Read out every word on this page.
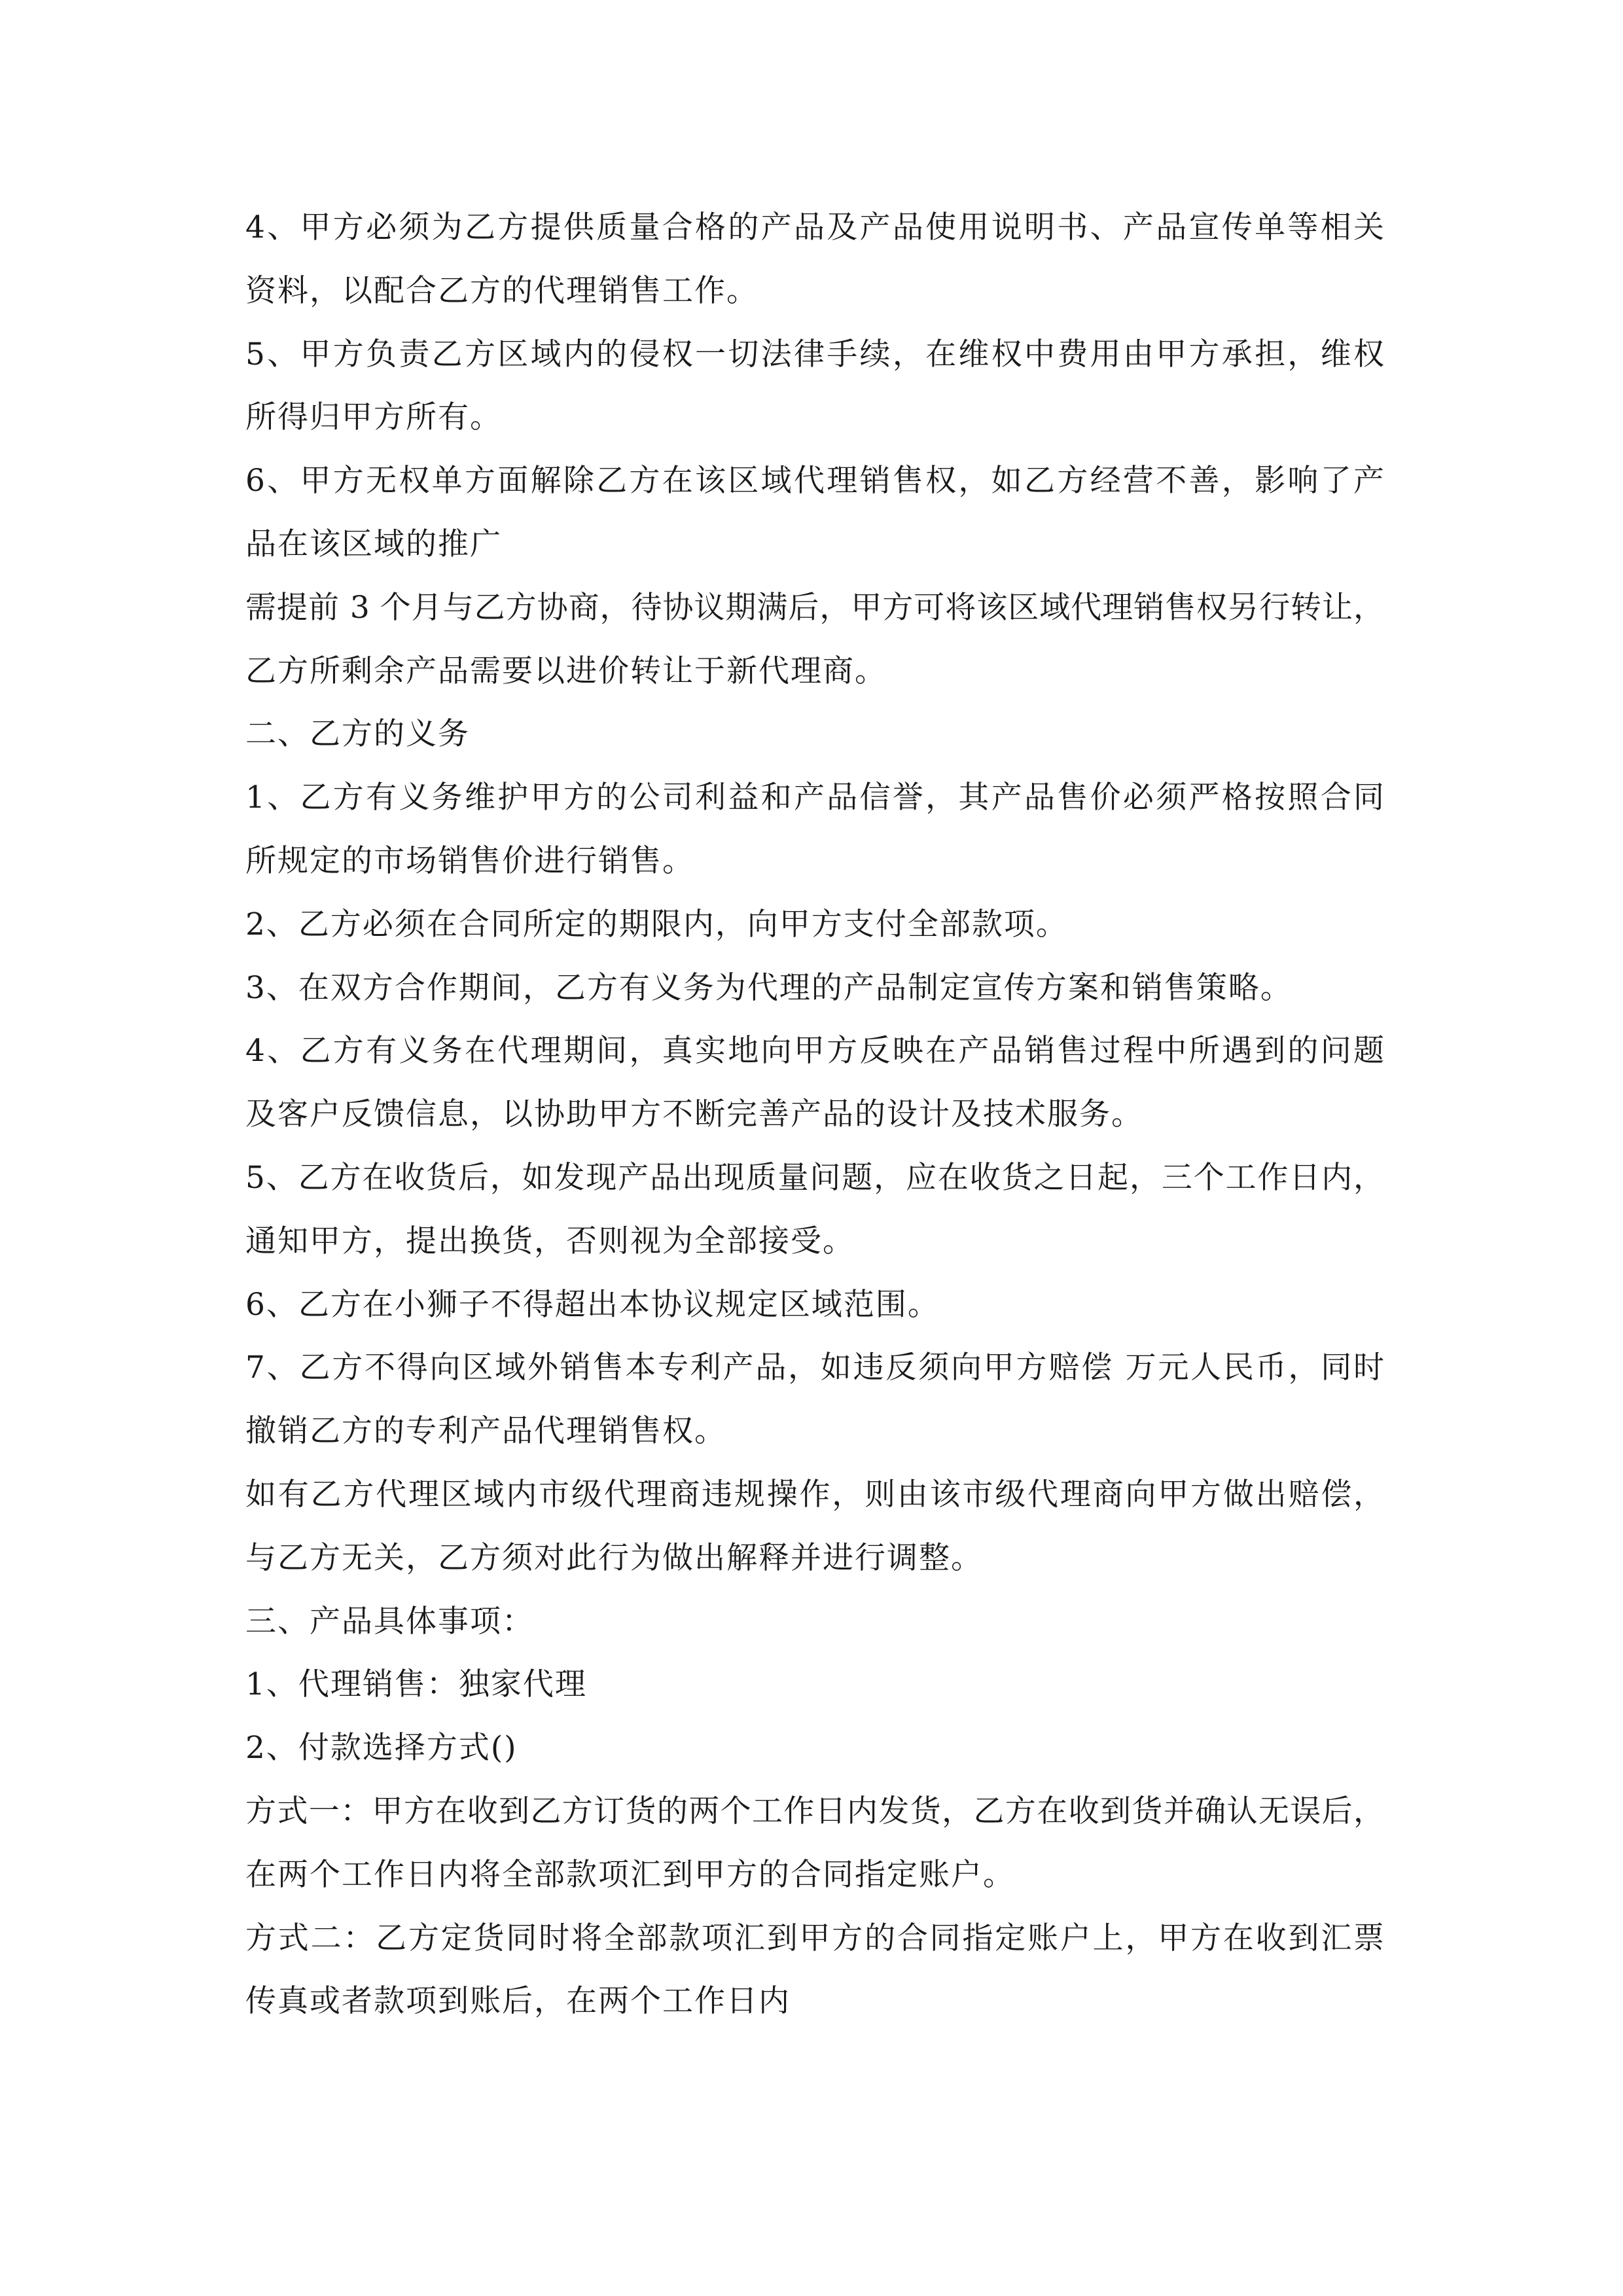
4、甲方必须为乙方提供质量合格的产品及产品使用说明书、产品宣传单等相关
资料，以配合乙方的代理销售工作。
5、甲方负责乙方区域内的侵权一切法律手续，在维权中费用由甲方承担，维权
所得归甲方所有。
6、甲方无权单方面解除乙方在该区域代理销售权，如乙方经营不善，影响了产
品在该区域的推广
需提前 3 个月与乙方协商，待协议期满后，甲方可将该区域代理销售权另行转让，
乙方所剩余产品需要以进价转让于新代理商。
二、乙方的义务
1、乙方有义务维护甲方的公司利益和产品信誉，其产品售价必须严格按照合同
所规定的市场销售价进行销售。
2、乙方必须在合同所定的期限内，向甲方支付全部款项。
3、在双方合作期间，乙方有义务为代理的产品制定宣传方案和销售策略。
4、乙方有义务在代理期间，真实地向甲方反映在产品销售过程中所遇到的问题
及客户反馈信息，以协助甲方不断完善产品的设计及技术服务。
5、乙方在收货后，如发现产品出现质量问题，应在收货之日起，三个工作日内，
通知甲方，提出换货，否则视为全部接受。
6、乙方在小狮子不得超出本协议规定区域范围。
7、乙方不得向区域外销售本专利产品，如违反须向甲方赔偿 万元人民币，同时
撤销乙方的专利产品代理销售权。
如有乙方代理区域内市级代理商违规操作，则由该市级代理商向甲方做出赔偿，
与乙方无关，乙方须对此行为做出解释并进行调整。
三、产品具体事项：
1、代理销售：独家代理
2、付款选择方式()
方式一：甲方在收到乙方订货的两个工作日内发货，乙方在收到货并确认无误后，
在两个工作日内将全部款项汇到甲方的合同指定账户。
方式二：乙方定货同时将全部款项汇到甲方的合同指定账户上，甲方在收到汇票
传真或者款项到账后，在两个工作日内
